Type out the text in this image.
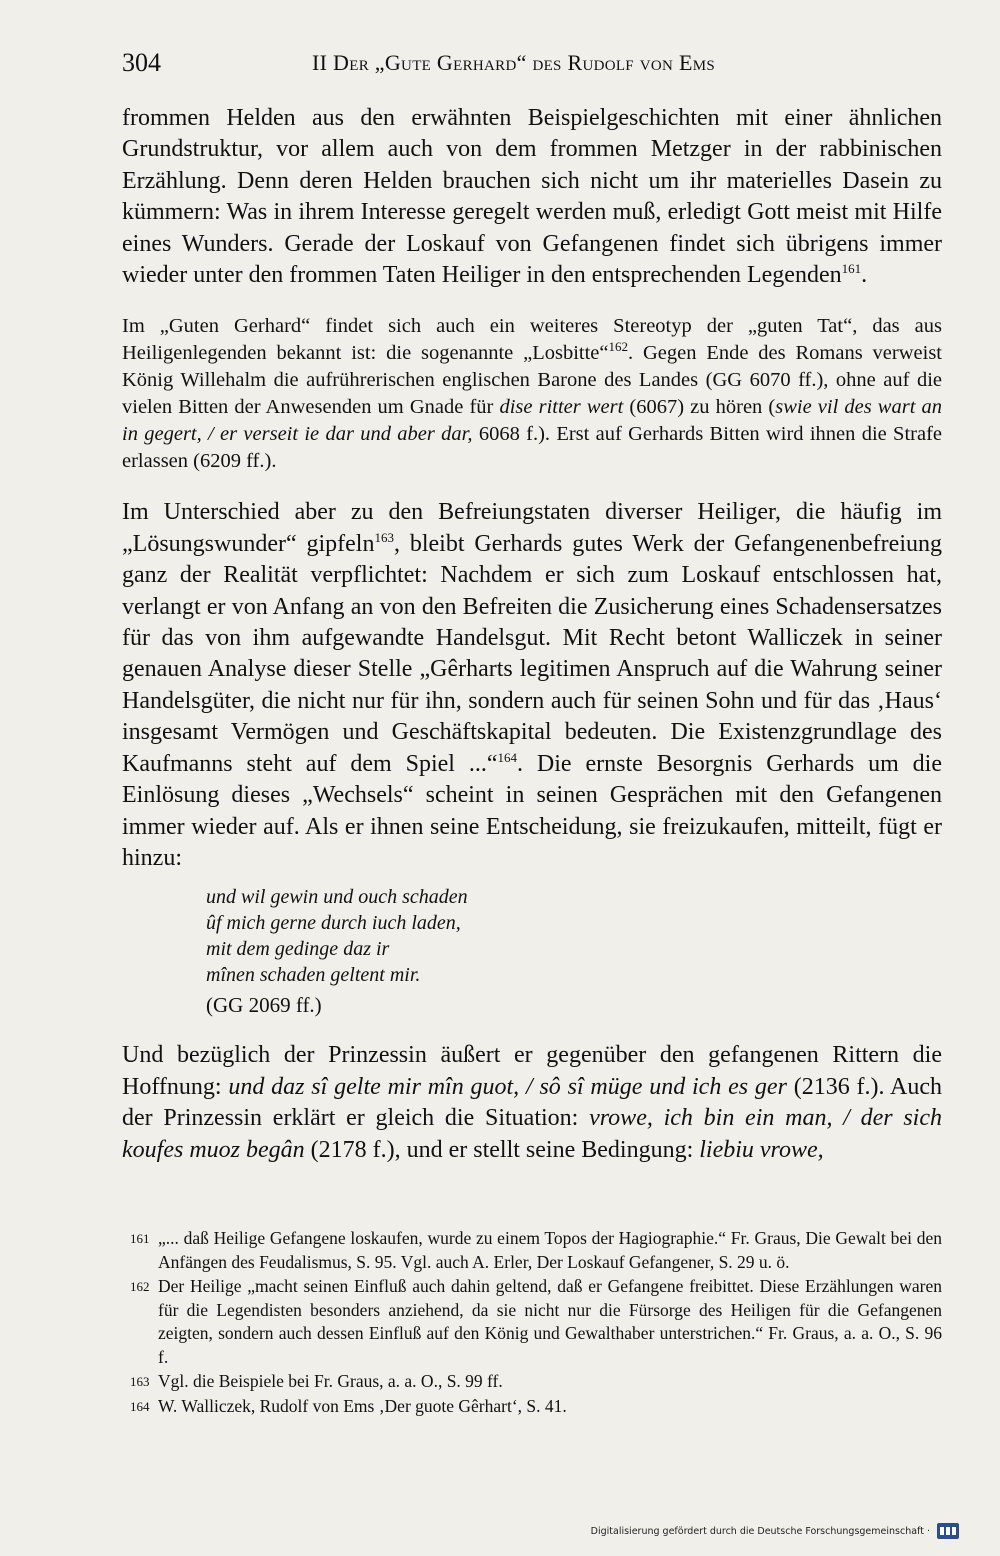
304	II Der „Gute Gerhard“ des Rudolf von Ems

frommen Helden aus den erwähnten Beispielgeschichten mit einer ähnlichen Grundstruktur, vor allem auch von dem frommen Metzger in der rabbinischen Erzählung. Denn deren Helden brauchen sich nicht um ihr materielles Dasein zu kümmern: Was in ihrem Interesse geregelt werden muß, erledigt Gott meist mit Hilfe eines Wunders. Gerade der Loskauf von Gefangenen findet sich übrigens immer wieder unter den frommen Taten Heiliger in den entsprechenden Legenden$^{161}$.

Im „Guten Gerhard“ findet sich auch ein weiteres Stereotyp der „guten Tat“, das aus Heiligenlegenden bekannt ist: die sogenannte „Losbitte“$^{162}$. Gegen Ende des Romans verweist König Willehalm die aufrührerischen englischen Barone des Landes (GG 6070 ff.), ohne auf die vielen Bitten der Anwesenden um Gnade für dise ritter wert (6067) zu hören (swie vil des wart an in gegert, / er verseit ie dar und aber dar, 6068 f.). Erst auf Gerhards Bitten wird ihnen die Strafe erlassen (6209 ff.).

Im Unterschied aber zu den Befreiungstaten diverser Heiliger, die häufig im „Lösungswunder“ gipfeln$^{163}$, bleibt Gerhards gutes Werk der Gefangenenbefreiung ganz der Realität verpflichtet: Nachdem er sich zum Loskauf entschlossen hat, verlangt er von Anfang an von den Befreiten die Zusicherung eines Schadensersatzes für das von ihm aufgewandte Handelsgut. Mit Recht betont Walliczek in seiner genauen Analyse dieser Stelle „Gêrharts legitimen Anspruch auf die Wahrung seiner Handelsgüter, die nicht nur für ihn, sondern auch für seinen Sohn und für das ‚Haus‘ insgesamt Vermögen und Geschäftskapital bedeuten. Die Existenzgrundlage des Kaufmanns steht auf dem Spiel ...“$^{164}$. Die ernste Besorgnis Gerhards um die Einlösung dieses „Wechsels“ scheint in seinen Gesprächen mit den Gefangenen immer wieder auf. Als er ihnen seine Entscheidung, sie freizukaufen, mitteilt, fügt er hinzu:

und wil gewin und ouch schaden
ûf mich gerne durch iuch laden,
mit dem gedinge daz ir
mînen schaden geltent mir.
(GG 2069 ff.)

Und bezüglich der Prinzessin äußert er gegenüber den gefangenen Rittern die Hoffnung: und daz sî gelte mir mîn guot, / sô sî müge und ich es ger (2136 f.). Auch der Prinzessin erklärt er gleich die Situation: vrowe, ich bin ein man, / der sich koufes muoz begân (2178 f.), und er stellt seine Bedingung: liebiu vrowe,

161 „... daß Heilige Gefangene loskaufen, wurde zu einem Topos der Hagiographie.“ Fr. Graus, Die Gewalt bei den Anfängen des Feudalismus, S. 95. Vgl. auch A. Erler, Der Loskauf Gefangener, S. 29 u. ö.
162 Der Heilige „macht seinen Einfluß auch dahin geltend, daß er Gefangene freibittet. Diese Erzählungen waren für die Legendisten besonders anziehend, da sie nicht nur die Fürsorge des Heiligen für die Gefangenen zeigten, sondern auch dessen Einfluß auf den König und Gewalthaber unterstrichen.“ Fr. Graus, a. a. O., S. 96 f.
163 Vgl. die Beispiele bei Fr. Graus, a. a. O., S. 99 ff.
164 W. Walliczek, Rudolf von Ems ‚Der guote Gêrhart‘, S. 41.
Digitalisierung gefördert durch die Deutsche Forschungsgemeinschaft ·
